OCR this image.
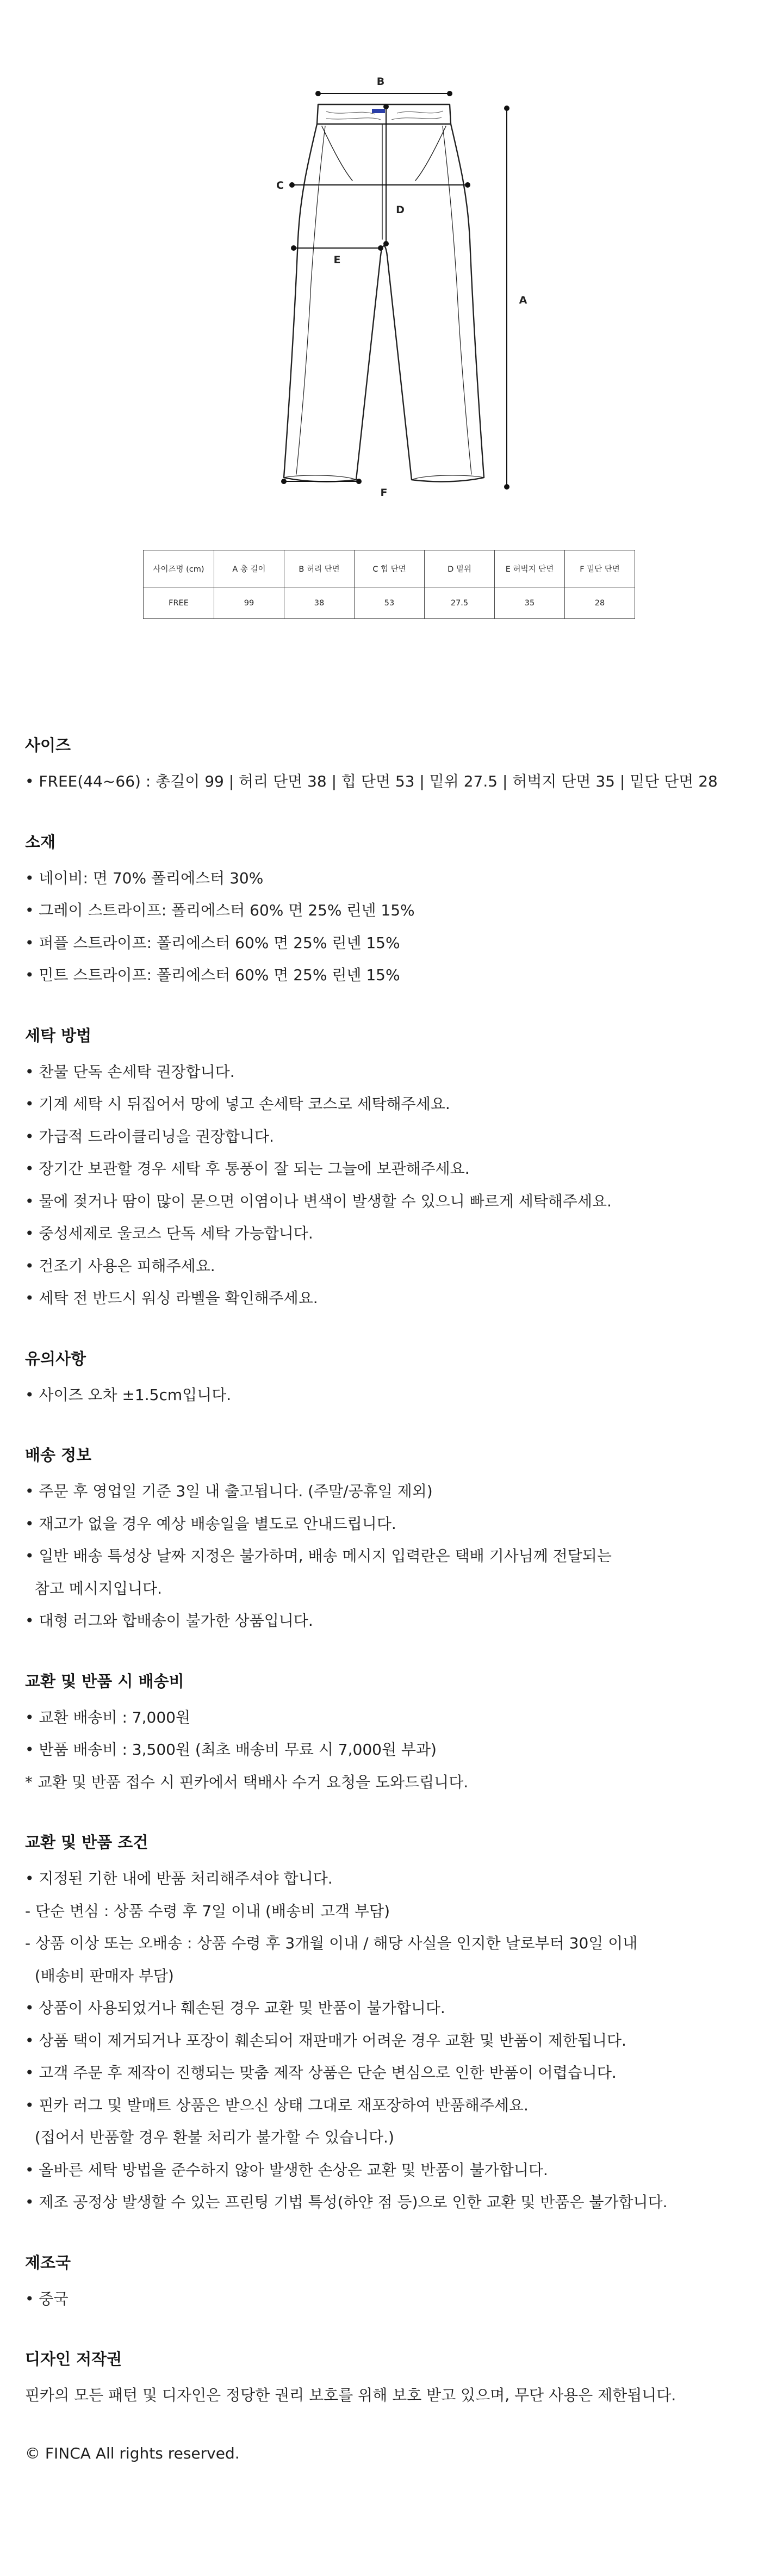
B
C
D
E
A
F
사이즈명 (cm)	A 총 길이	B 허리 단면	C 힙 단면	D 밑위	E 허벅지 단면	F 밑단 단면
FREE	99	38	53	27.5	35	28
사이즈
• FREE(44~66) : 총길이 99 | 허리 단면 38 | 힙 단면 53 | 밑위 27.5 | 허벅지 단면 35 | 밑단 단면 28
소재
• 네이비: 면 70% 폴리에스터 30%
• 그레이 스트라이프: 폴리에스터 60% 면 25% 린넨 15%
• 퍼플 스트라이프: 폴리에스터 60% 면 25% 린넨 15%
• 민트 스트라이프: 폴리에스터 60% 면 25% 린넨 15%
세탁 방법
• 찬물 단독 손세탁 권장합니다.
• 기계 세탁 시 뒤집어서 망에 넣고 손세탁 코스로 세탁해주세요.
• 가급적 드라이클리닝을 권장합니다.
• 장기간 보관할 경우 세탁 후 통풍이 잘 되는 그늘에 보관해주세요.
• 물에 젖거나 땀이 많이 묻으면 이염이나 변색이 발생할 수 있으니 빠르게 세탁해주세요.
• 중성세제로 울코스 단독 세탁 가능합니다.
• 건조기 사용은 피해주세요.
• 세탁 전 반드시 워싱 라벨을 확인해주세요.
유의사항
• 사이즈 오차 ±1.5cm입니다.
배송 정보
• 주문 후 영업일 기준 3일 내 출고됩니다. (주말/공휴일 제외)
• 재고가 없을 경우 예상 배송일을 별도로 안내드립니다.
• 일반 배송 특성상 날짜 지정은 불가하며, 배송 메시지 입력란은 택배 기사님께 전달되는
참고 메시지입니다.
• 대형 러그와 합배송이 불가한 상품입니다.
교환 및 반품 시 배송비
• 교환 배송비 : 7,000원
• 반품 배송비 : 3,500원 (최초 배송비 무료 시 7,000원 부과)
* 교환 및 반품 접수 시 핀카에서 택배사 수거 요청을 도와드립니다.
교환 및 반품 조건
• 지정된 기한 내에 반품 처리해주셔야 합니다.
- 단순 변심 : 상품 수령 후 7일 이내 (배송비 고객 부담)
- 상품 이상 또는 오배송 : 상품 수령 후 3개월 이내 / 해당 사실을 인지한 날로부터 30일 이내
(배송비 판매자 부담)
• 상품이 사용되었거나 훼손된 경우 교환 및 반품이 불가합니다.
• 상품 택이 제거되거나 포장이 훼손되어 재판매가 어려운 경우 교환 및 반품이 제한됩니다.
• 고객 주문 후 제작이 진행되는 맞춤 제작 상품은 단순 변심으로 인한 반품이 어렵습니다.
• 핀카 러그 및 발매트 상품은 받으신 상태 그대로 재포장하여 반품해주세요.
(접어서 반품할 경우 환불 처리가 불가할 수 있습니다.)
• 올바른 세탁 방법을 준수하지 않아 발생한 손상은 교환 및 반품이 불가합니다.
• 제조 공정상 발생할 수 있는 프린팅 기법 특성(하얀 점 등)으로 인한 교환 및 반품은 불가합니다.
제조국
• 중국
디자인 저작권
핀카의 모든 패턴 및 디자인은 정당한 권리 보호를 위해 보호 받고 있으며, 무단 사용은 제한됩니다.
© FINCA All rights reserved.
